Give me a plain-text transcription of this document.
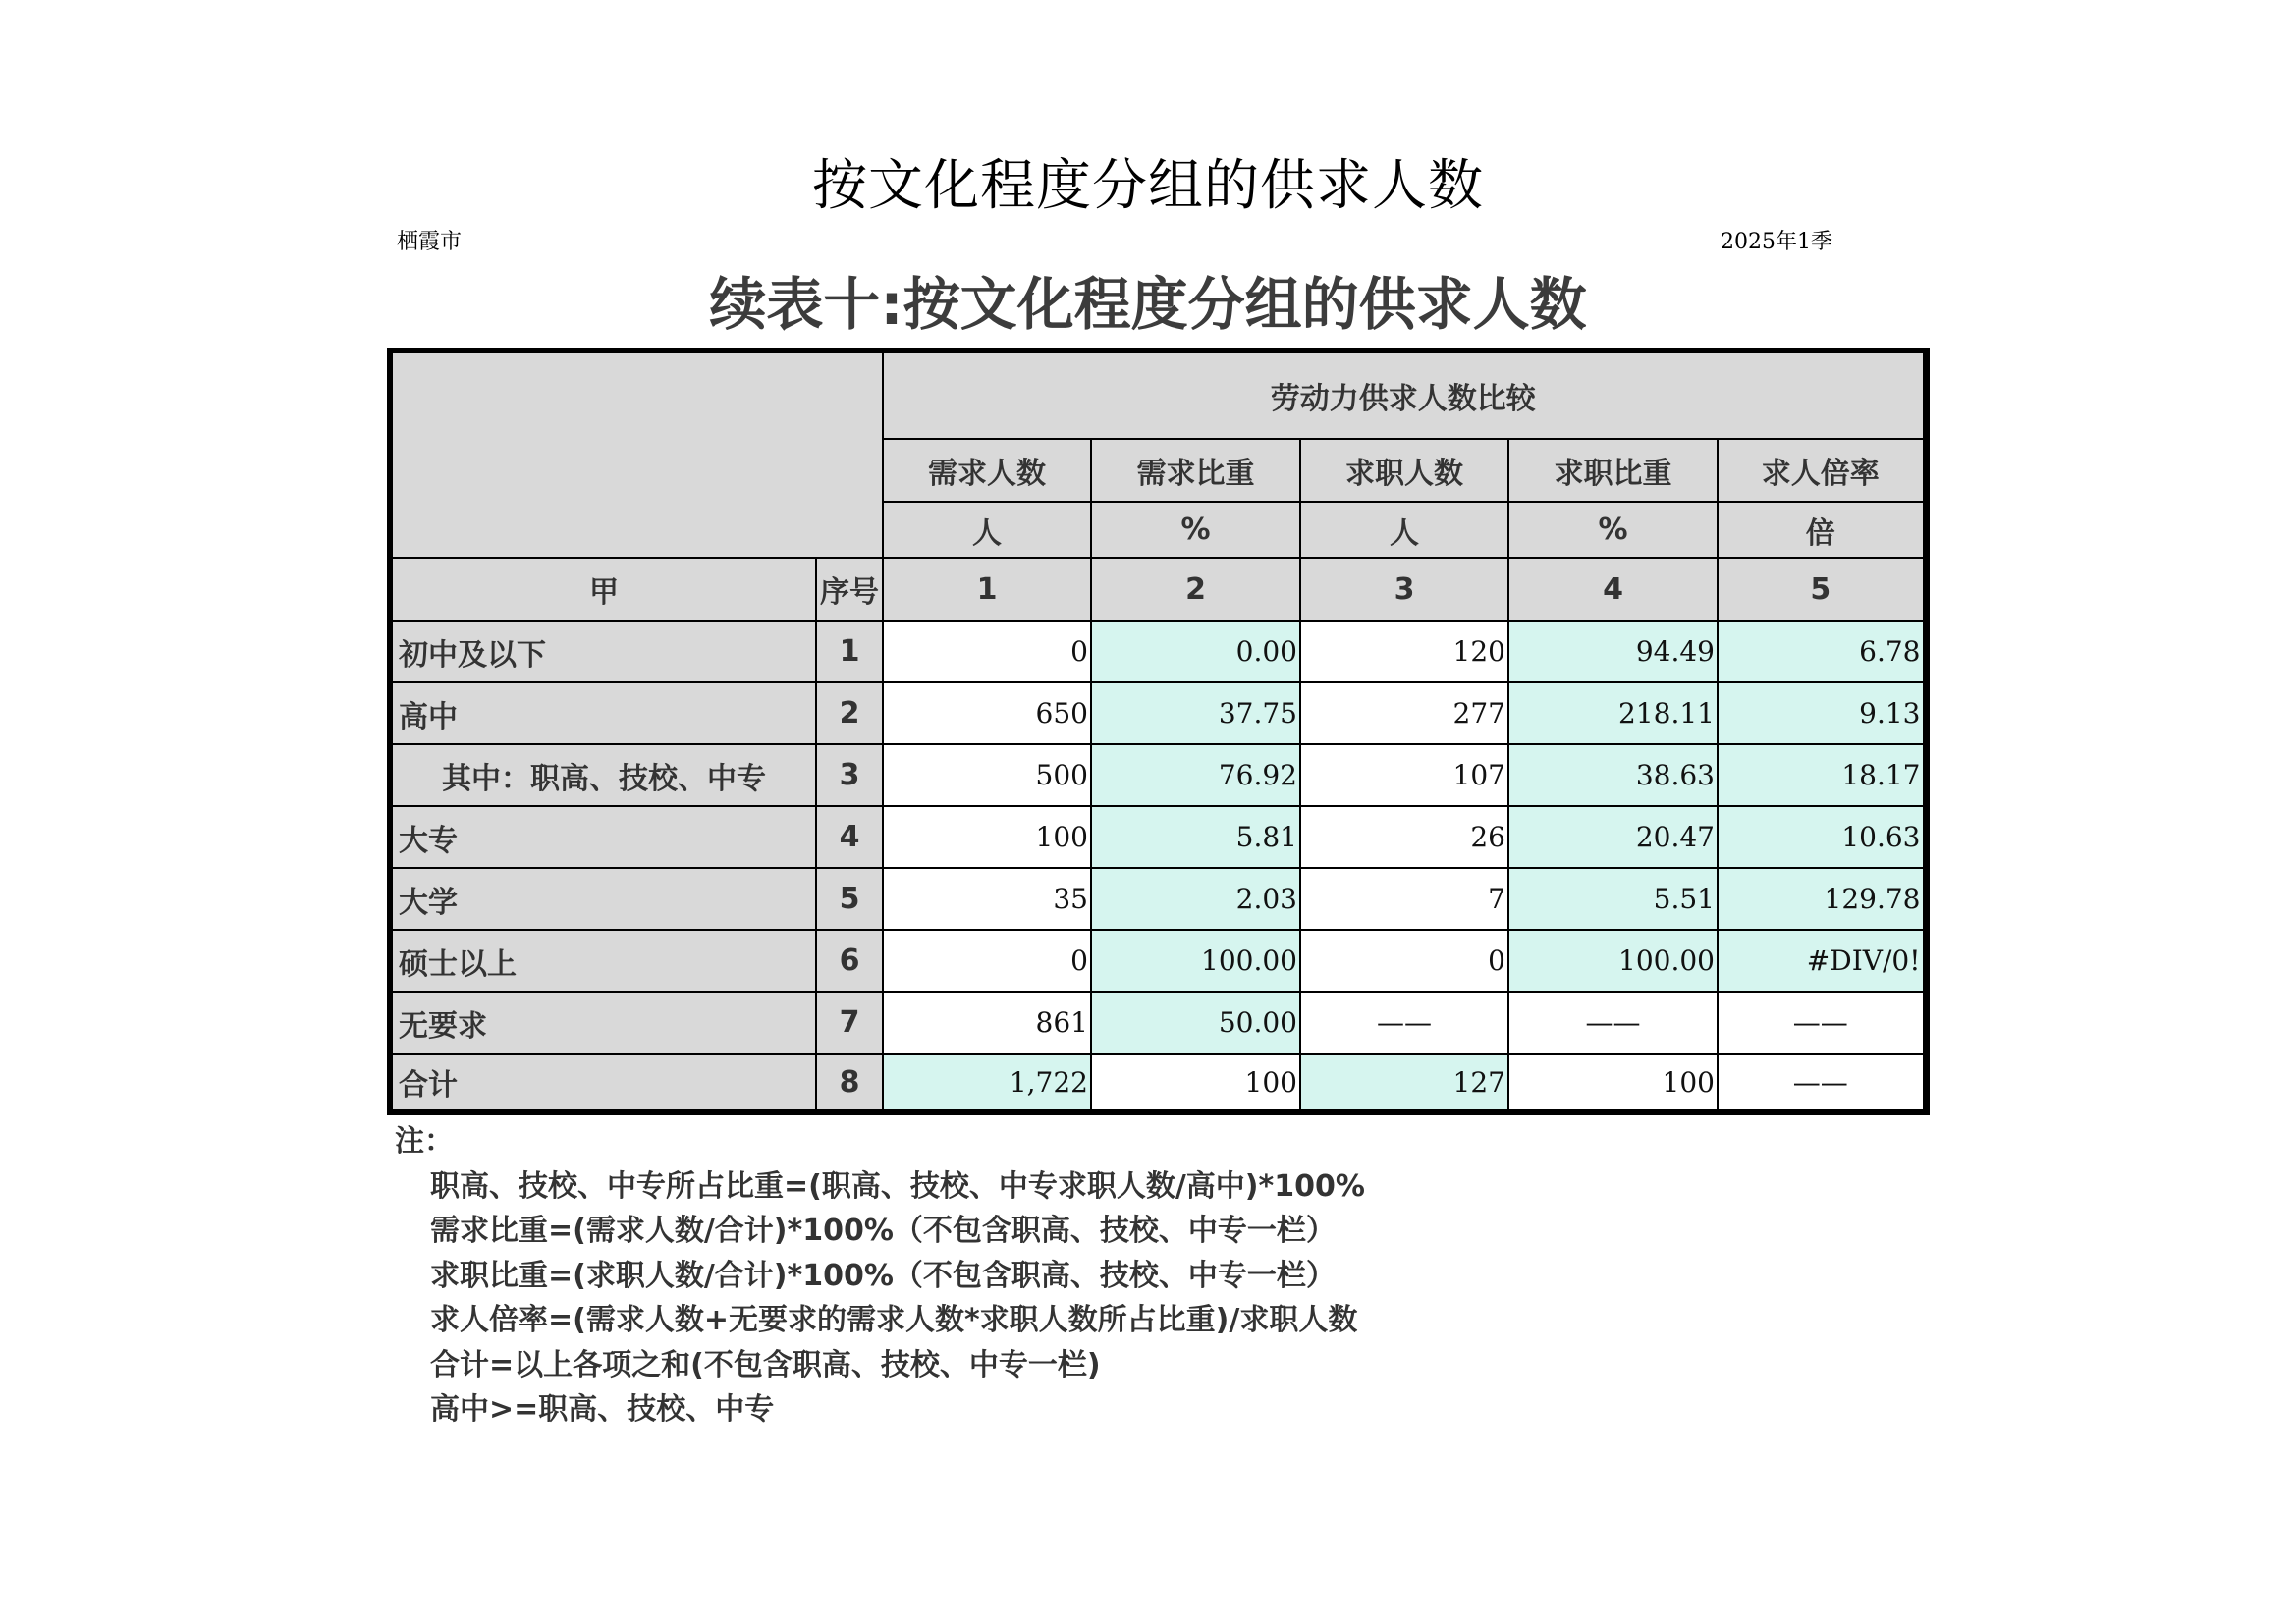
按文化程度分组的供求人数
栖霞市	2025年1季
续表十:按文化程度分组的供求人数
		劳动力供求人数比较				
		需求人数	需求比重	求职人数	求职比重	求人倍率
		人	%	人	%	倍
甲	序号	1	2	3	4	5
初中及以下	1	0	0.00	120	94.49	6.78
高中	2	650	37.75	277	218.11	9.13
其中：职高、技校、中专	3	500	76.92	107	38.63	18.17
大专	4	100	5.81	26	20.47	10.63
大学	5	35	2.03	7	5.51	129.78
硕士以上	6	0	100.00	0	100.00	#DIV/0!
无要求	7	861	50.00	——	——	——
合计	8	1,722	100	127	100	——
注：
职高、技校、中专所占比重=(职高、技校、中专求职人数/高中)*100%
需求比重=(需求人数/合计)*100%（不包含职高、技校、中专一栏）
求职比重=(求职人数/合计)*100%（不包含职高、技校、中专一栏）
求人倍率=(需求人数+无要求的需求人数*求职人数所占比重)/求职人数
合计=以上各项之和(不包含职高、技校、中专一栏)
高中>=职高、技校、中专
